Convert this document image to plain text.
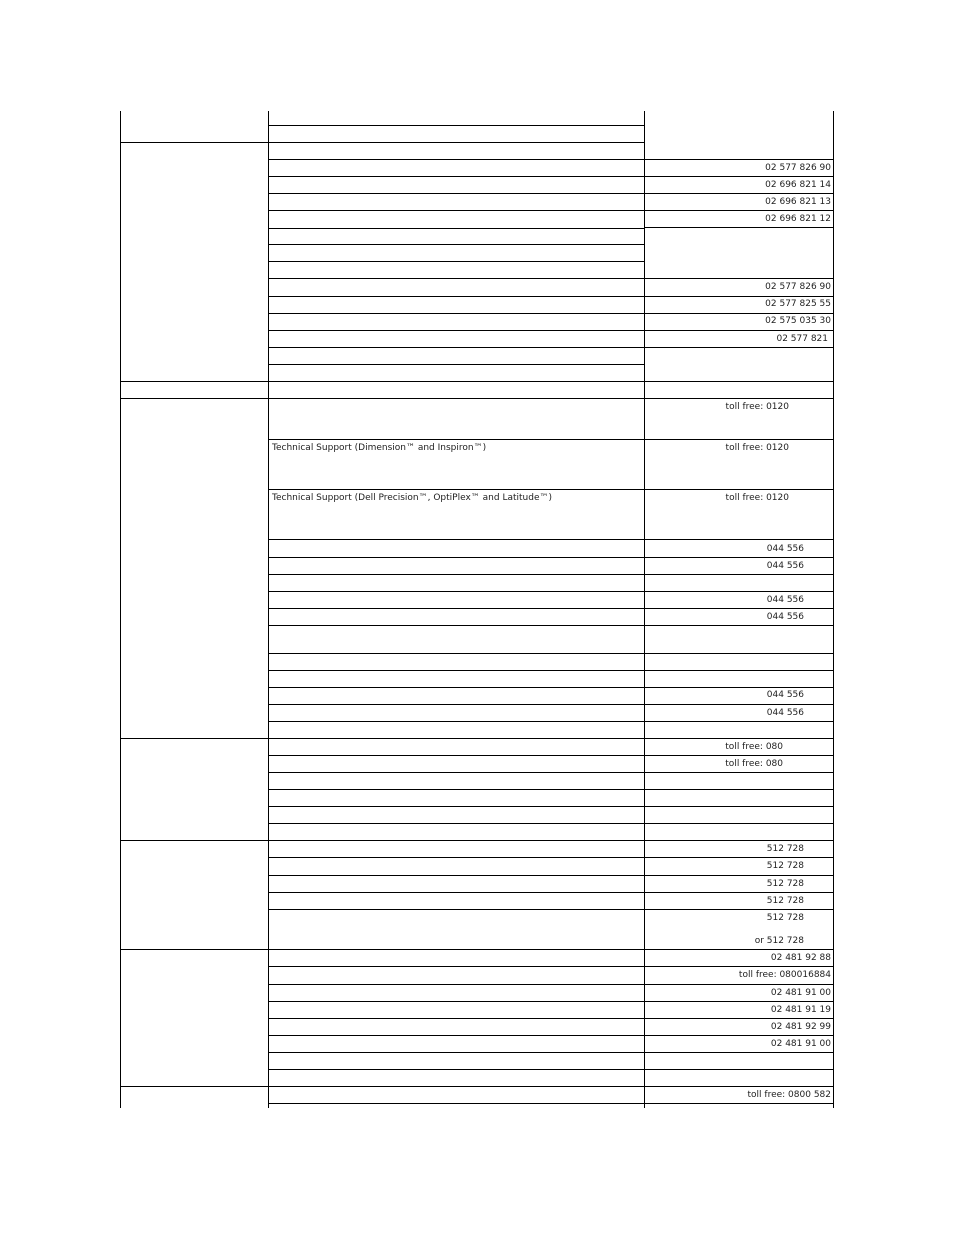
Technical Support (Dimension™ and Inspiron™)
Technical Support (Dell Precision™, OptiPlex™ and Latitude™)
02 577 826 90
02 696 821 14
02 696 821 13
02 696 821 12
02 577 826 90
02 577 825 55
02 575 035 30
02 577 821
toll free: 0120
toll free: 0120
toll free: 0120
044 556
044 556
044 556
044 556
044 556
044 556
toll free: 080
toll free: 080
512 728
512 728
512 728
512 728
512 728
or 512 728
02 481 92 88
toll free: 080016884
02 481 91 00
02 481 91 19
02 481 92 99
02 481 91 00
toll free: 0800 582
